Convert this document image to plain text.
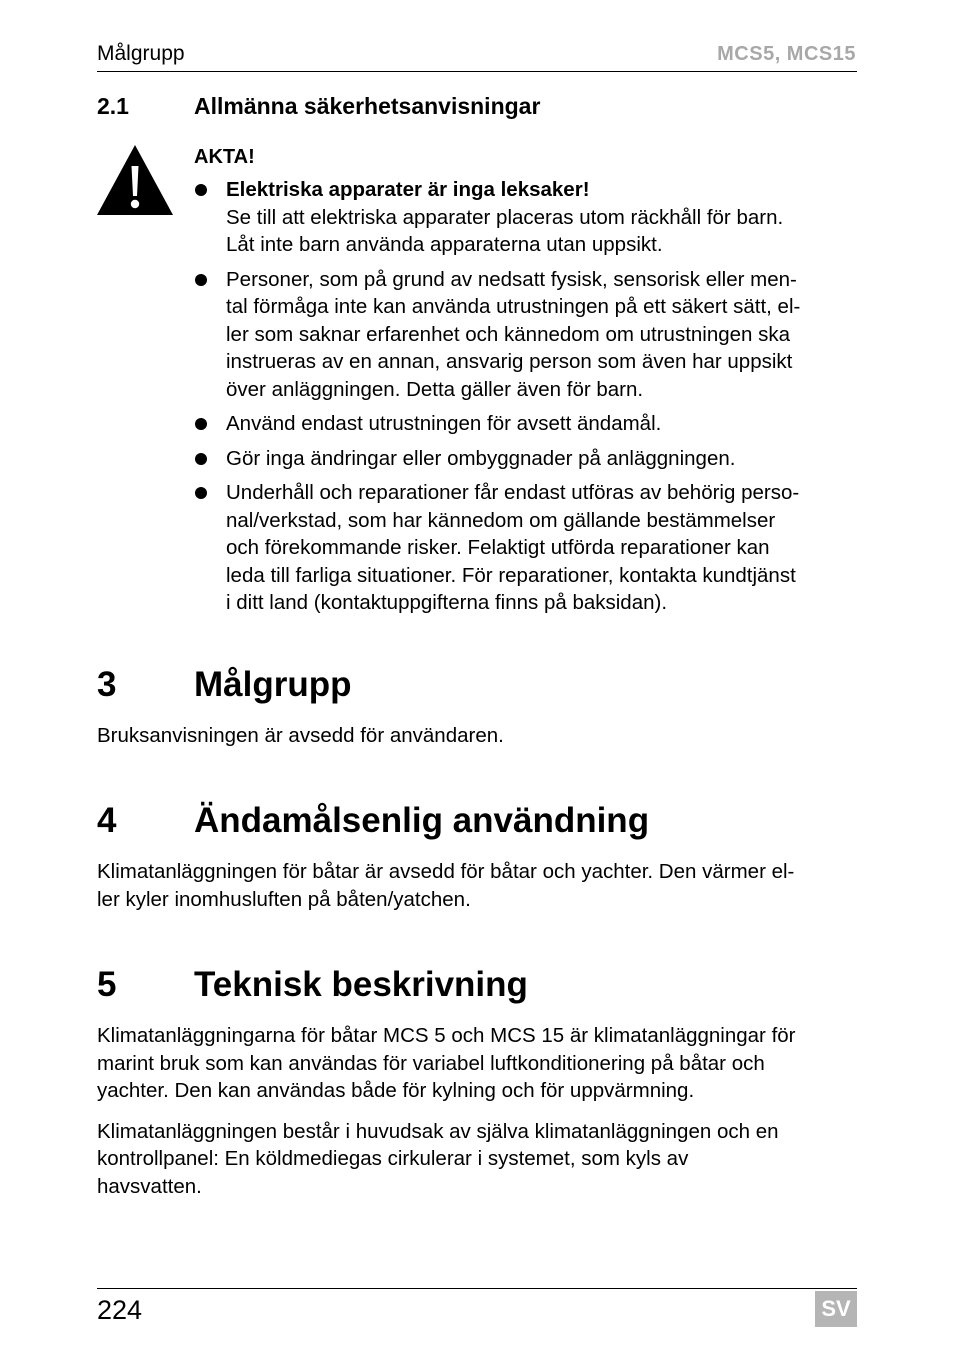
Målgrupp	MCS5, MCS15
2.1	Allmänna säkerhetsanvisningar
AKTA!
Elektriska apparater är inga leksaker!
Se till att elektriska apparater placeras utom räckhåll för barn.
Låt inte barn använda apparaterna utan uppsikt.
Personer, som på grund av nedsatt fysisk, sensorisk eller men-
tal förmåga inte kan använda utrustningen på ett säkert sätt, el-
ler som saknar erfarenhet och kännedom om utrustningen ska
instrueras av en annan, ansvarig person som även har uppsikt
över anläggningen. Detta gäller även för barn.
Använd endast utrustningen för avsett ändamål.
Gör inga ändringar eller ombyggnader på anläggningen.
Underhåll och reparationer får endast utföras av behörig perso-
nal/verkstad, som har kännedom om gällande bestämmelser
och förekommande risker. Felaktigt utförda reparationer kan
leda till farliga situationer. För reparationer, kontakta kundtjänst
i ditt land (kontaktuppgifterna finns på baksidan).
3 Målgrupp
Bruksanvisningen är avsedd för användaren.
4 Ändamålsenlig användning
Klimatanläggningen för båtar är avsedd för båtar och yachter. Den värmer el-
ler kyler inomhusluften på båten/yatchen.
5 Teknisk beskrivning
Klimatanläggningarna för båtar MCS 5 och MCS 15 är klimatanläggningar för
marint bruk som kan användas för variabel luftkonditionering på båtar och
yachter. Den kan användas både för kylning och för uppvärmning.
Klimatanläggningen består i huvudsak av själva klimatanläggningen och en
kontrollpanel: En köldmediegas cirkulerar i systemet, som kyls av
havsvatten.
224	SV
